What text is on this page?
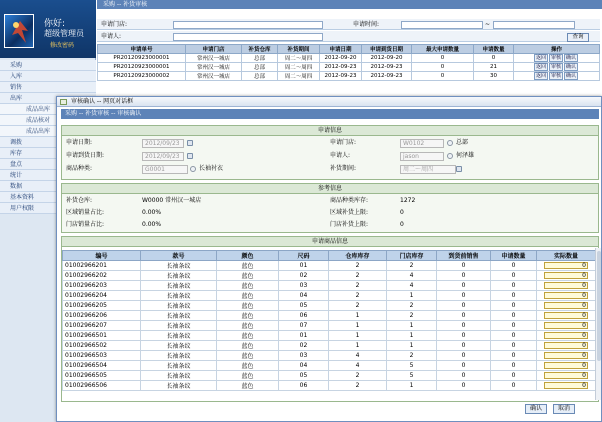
你好:
超级管理员
修改密码
采购
入库
销售
出库
成品出库
成品核对
成品出库
调拨
库存
盘点
统计
数据
基本资料
用户权限
采购 -- 补货审核
申请门店:	申请时间:	~
申请人:	查询
申请单号	申请门店	补货仓库	补货期间	申请日期	申请到货日期	最大申请数量	申请数量	操作
PR20120923000001	常州汉一城店	总部	周二～周四	2012-09-20	2012-09-20	0	0	返回 审核 确认
PR20120923000001	常州汉一城店	总部	周二～周四	2012-09-23	2012-09-23	0	21	返回 审核 确认
PR20120923000002	常州汉一城店	总部	周二～周四	2012-09-23	2012-09-23	0	30	返回 审核 确认
审核确认 -- 网页对话框
采购 -- 补货审核 -- 审核确认
申请信息
申请日期:	2012/09/23	申请门店:	W0102	总部
申请到货日期:	2012/09/23	申请人:	jason	何泽雄
商品种类:	G0001	长袖衬衣	补货期间:	周二～周四
参考信息
补货仓库:	W0000 常州汉一城店	商品种类库存:	1272
区域销量占比:	0.00%	区域补货上限:	0
门店销量占比:	0.00%	门店补货上限:	0
申请商品信息
编号	款号	颜色	尺码	仓库库存	门店库存	到货前销售	申请数量	实际数量
01002966201	长袖条纹	蓝色	01	2	2	0	0	0
01002966202	长袖条纹	蓝色	02	2	4	0	0	0
01002966203	长袖条纹	蓝色	03	2	4	0	0	0
01002966204	长袖条纹	蓝色	04	2	1	0	0	0
01002966205	长袖条纹	蓝色	05	2	2	0	0	0
01002966206	长袖条纹	蓝色	06	1	2	0	0	0
01002966207	长袖条纹	蓝色	07	1	1	0	0	0
01002966501	长袖条纹	蓝色	01	1	1	0	0	0
01002966502	长袖条纹	蓝色	02	1	1	0	0	0
01002966503	长袖条纹	蓝色	03	4	2	0	0	0
01002966504	长袖条纹	蓝色	04	4	5	0	0	0
01002966505	长袖条纹	蓝色	05	2	5	0	0	0
01002966506	长袖条纹	蓝色	06	2	1	0	0	0
确认	取消
